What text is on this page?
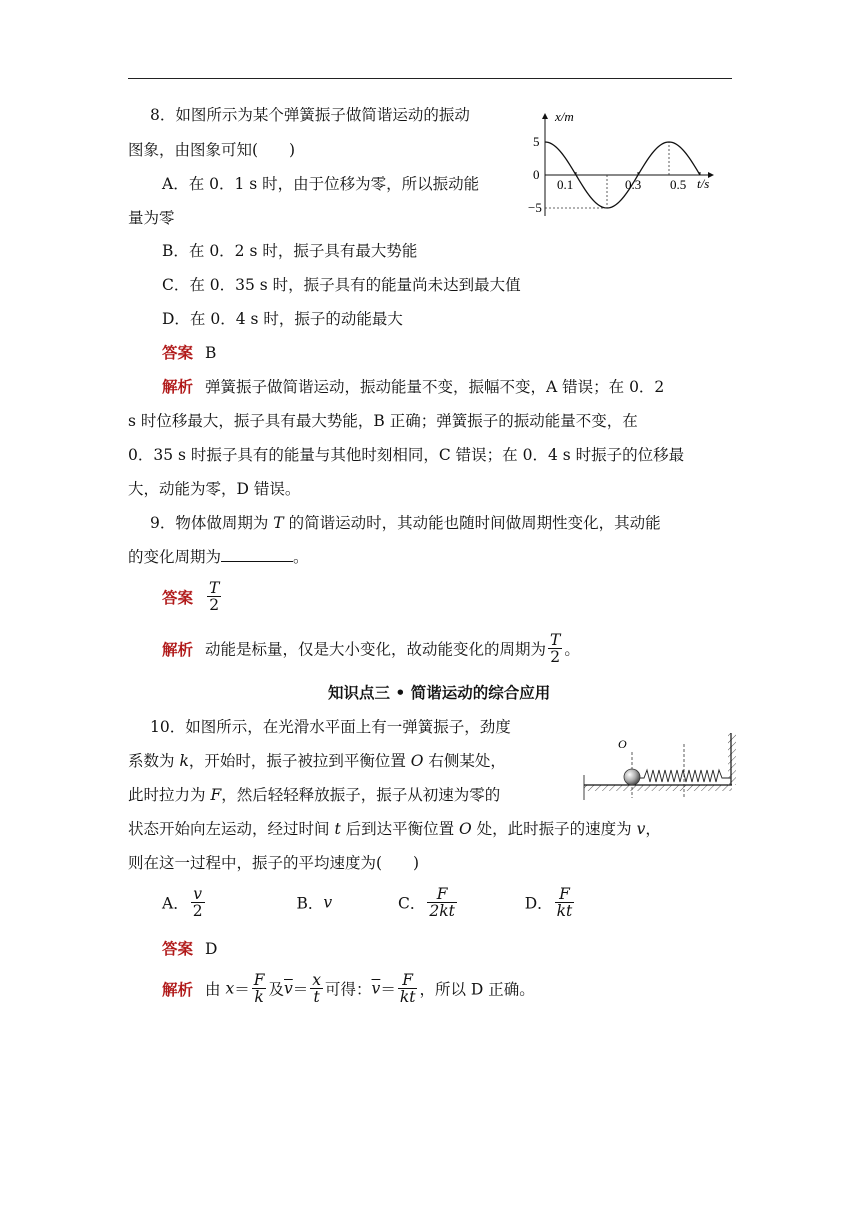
8．如图所示为某个弹簧振子做简谐运动的振动
图象，由图象可知(　　)
A．在 0．1 s 时，由于位移为零，所以振动能
量为零
B．在 0．2 s 时，振子具有最大势能
C．在 0．35 s 时，振子具有的能量尚未达到最大值
D．在 0．4 s 时，振子的动能最大
答案 B
解析 弹簧振子做简谐运动，振动能量不变，振幅不变，A 错误；在 0．2
s 时位移最大，振子具有最大势能，B 正确；弹簧振子的振动能量不变，在
0．35 s 时振子具有的能量与其他时刻相同，C 错误；在 0．4 s 时振子的位移最
大，动能为零，D 错误。
x/m
t/s
5
0
−5
0.1	0.3 0.5
9．物体做周期为 T 的简谐运动时，其动能也随时间做周期性变化，其动能
的变化周期为	。
答案 $\frac{T}{2}$
解析 动能是标量，仅是大小变化，故动能变化的周期为 $\frac{T}{2}$ 。
知识点三 • 简谐运动的综合应用
10．如图所示，在光滑水平面上有一弹簧振子，劲度
系数为 k，开始时，振子被拉到平衡位置 O 右侧某处，
此时拉力为 F，然后轻轻释放振子，振子从初速为零的
状态开始向左运动，经过时间 t 后到达平衡位置 O 处，此时振子的速度为 v，
则在这一过程中，振子的平均速度为(　　)
O
A． $\frac{v}{2}$	B．v	C． $\frac{F}{2kt}$	D． $\frac{F}{kt}$
答案 D
解析 由 $x= \frac{F}{k}$ 及$\overline{v}= \frac{x}{t}$ 可得：$\overline{v}= \frac{F}{kt}$ ，所以 D 正确。
